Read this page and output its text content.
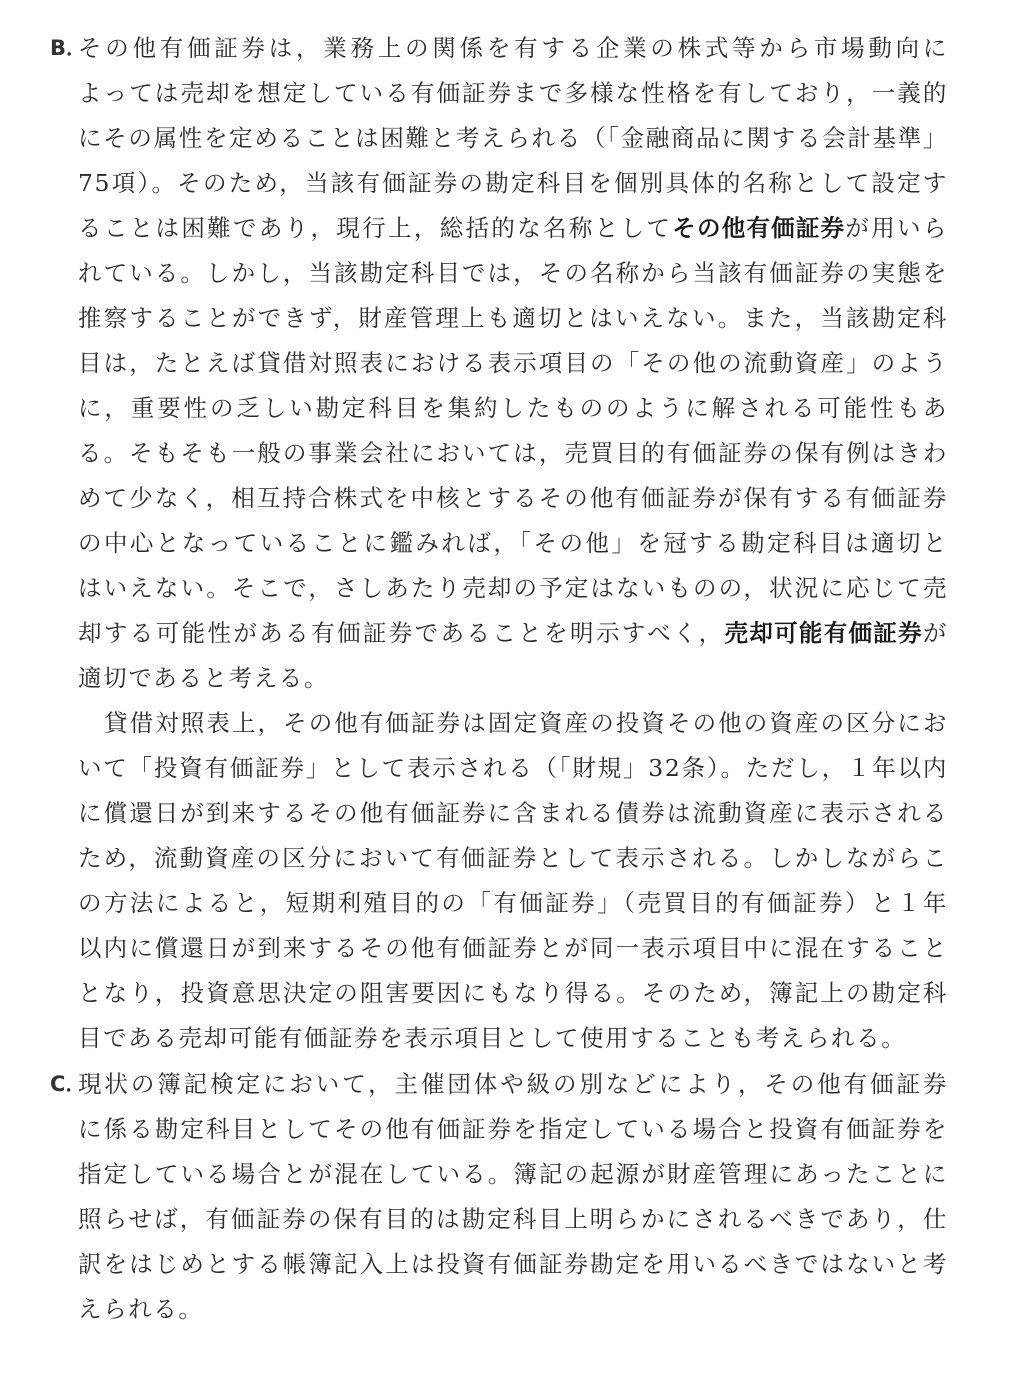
B．
その他有価証券は，業務上の関係を有する企業の株式等から市場動向に
よっては売却を想定している有価証券まで多様な性格を有しており，一義的
にその属性を定めることは困難と考えられる（「金融商品に関する会計基準」
75項）。そのため，当該有価証券の勘定科目を個別具体的名称として設定す
ることは困難であり，現行上，総括的な名称としてその他有価証券が用いら
れている。しかし，当該勘定科目では，その名称から当該有価証券の実態を
推察することができず，財産管理上も適切とはいえない。また，当該勘定科
目は，たとえば貸借対照表における表示項目の「その他の流動資産」のよう
に，重要性の乏しい勘定科目を集約したもののように解される可能性もあ
る。そもそも一般の事業会社においては，売買目的有価証券の保有例はきわ
めて少なく，相互持合株式を中核とするその他有価証券が保有する有価証券
の中心となっていることに鑑みれば，「その他」を冠する勘定科目は適切と
はいえない。そこで，さしあたり売却の予定はないものの，状況に応じて売
却する可能性がある有価証券であることを明示すべく，売却可能有価証券が
適切であると考える。
貸借対照表上，その他有価証券は固定資産の投資その他の資産の区分にお
いて「投資有価証券」として表示される（「財規」32条）。ただし，１年以内
に償還日が到来するその他有価証券に含まれる債券は流動資産に表示される
ため，流動資産の区分において有価証券として表示される。しかしながらこ
の方法によると，短期利殖目的の「有価証券」（売買目的有価証券）と１年
以内に償還日が到来するその他有価証券とが同一表示項目中に混在すること
となり，投資意思決定の阻害要因にもなり得る。そのため，簿記上の勘定科
目である売却可能有価証券を表示項目として使用することも考えられる。
C．
現状の簿記検定において，主催団体や級の別などにより，その他有価証券
に係る勘定科目としてその他有価証券を指定している場合と投資有価証券を
指定している場合とが混在している。簿記の起源が財産管理にあったことに
照らせば，有価証券の保有目的は勘定科目上明らかにされるべきであり，仕
訳をはじめとする帳簿記入上は投資有価証券勘定を用いるべきではないと考
えられる。
